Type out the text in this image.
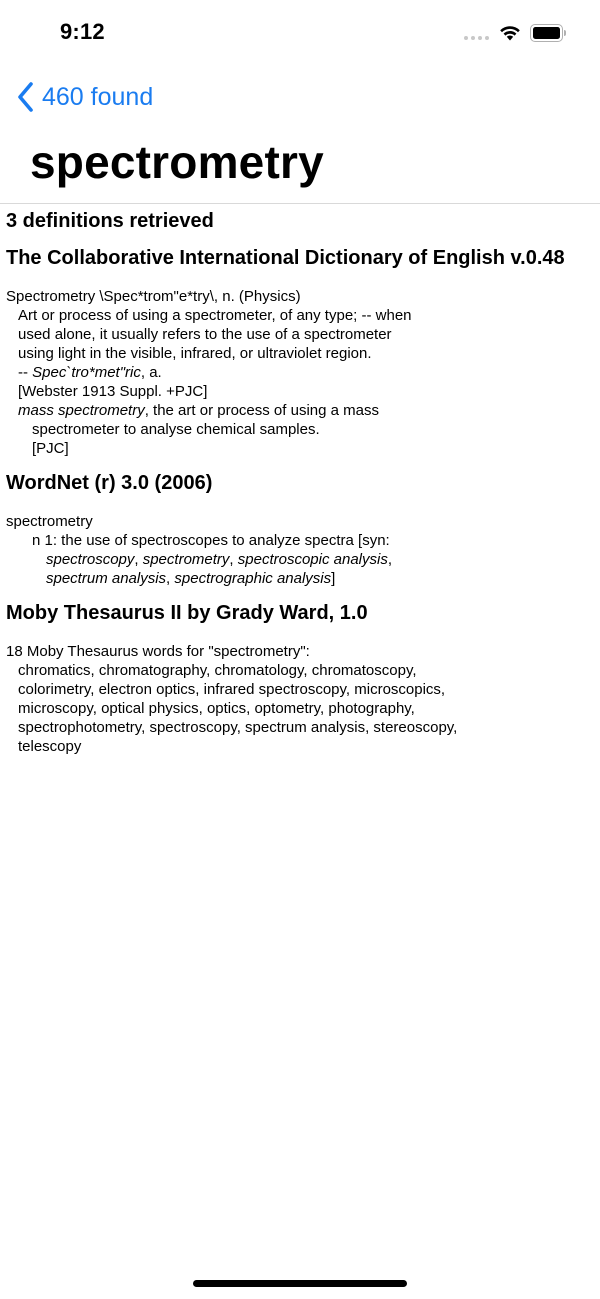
9:12
460 found
spectrometry
3 definitions retrieved
The Collaborative International Dictionary of English v.0.48
Spectrometry \Spec*trom"e*try\, n. (Physics)
Art or process of using a spectrometer, of any type; -- when
used alone, it usually refers to the use of a spectrometer
using light in the visible, infrared, or ultraviolet region.
-- Spec`tro*met"ric, a.
[Webster 1913 Suppl. +PJC]
mass spectrometry, the art or process of using a mass
spectrometer to analyse chemical samples.
[PJC]
WordNet (r) 3.0 (2006)
spectrometry
n 1: the use of spectroscopes to analyze spectra [syn:
spectroscopy, spectrometry, spectroscopic analysis,
spectrum analysis, spectrographic analysis]
Moby Thesaurus II by Grady Ward, 1.0
18 Moby Thesaurus words for "spectrometry":
chromatics, chromatography, chromatology, chromatoscopy,
colorimetry, electron optics, infrared spectroscopy, microscopics,
microscopy, optical physics, optics, optometry, photography,
spectrophotometry, spectroscopy, spectrum analysis, stereoscopy,
telescopy
